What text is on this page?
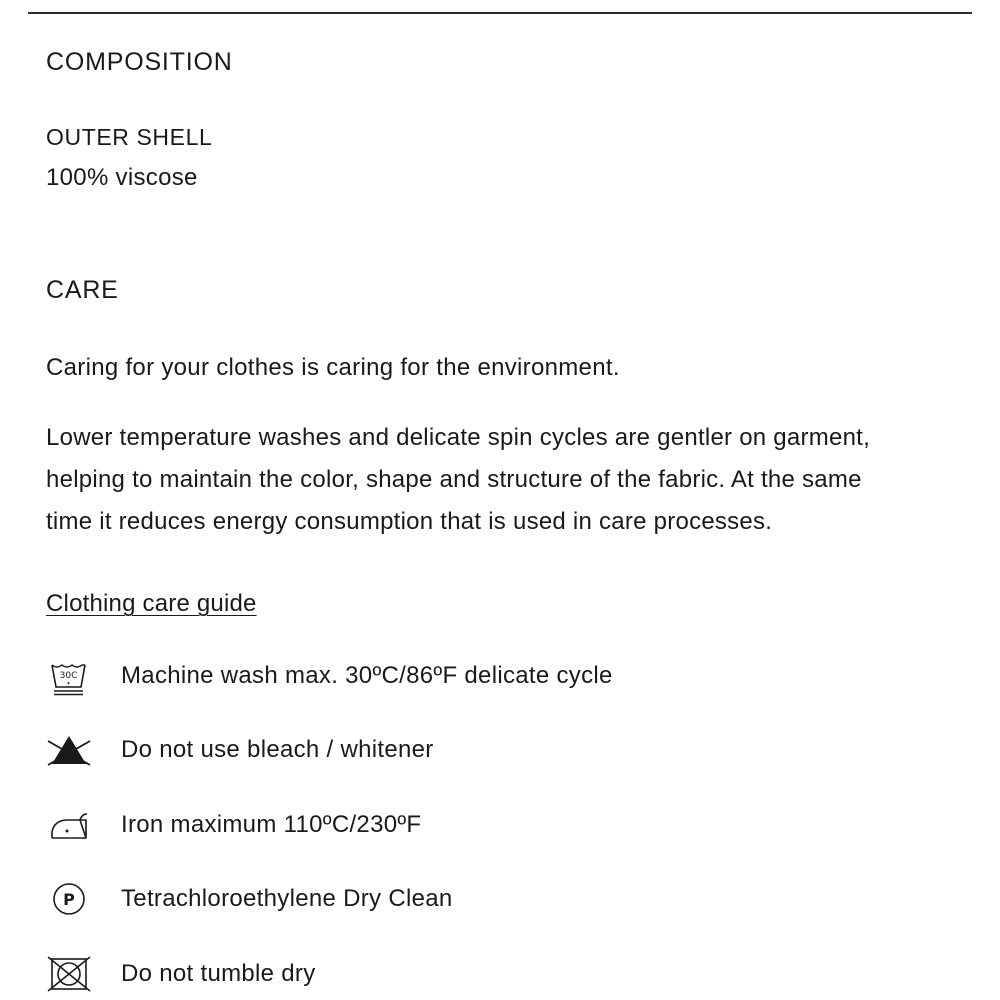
COMPOSITION
OUTER SHELL
100% viscose
CARE
Caring for your clothes is caring for the environment.
Lower temperature washes and delicate spin cycles are gentler on garment,
helping to maintain the color, shape and structure of the fabric. At the same
time it reduces energy consumption that is used in care processes.
Clothing care guide
30C Machine wash max. 30ºC/86ºF delicate cycle
Do not use bleach / whitener
Iron maximum 110ºC/230ºF
P Tetrachloroethylene Dry Clean
Do not tumble dry
